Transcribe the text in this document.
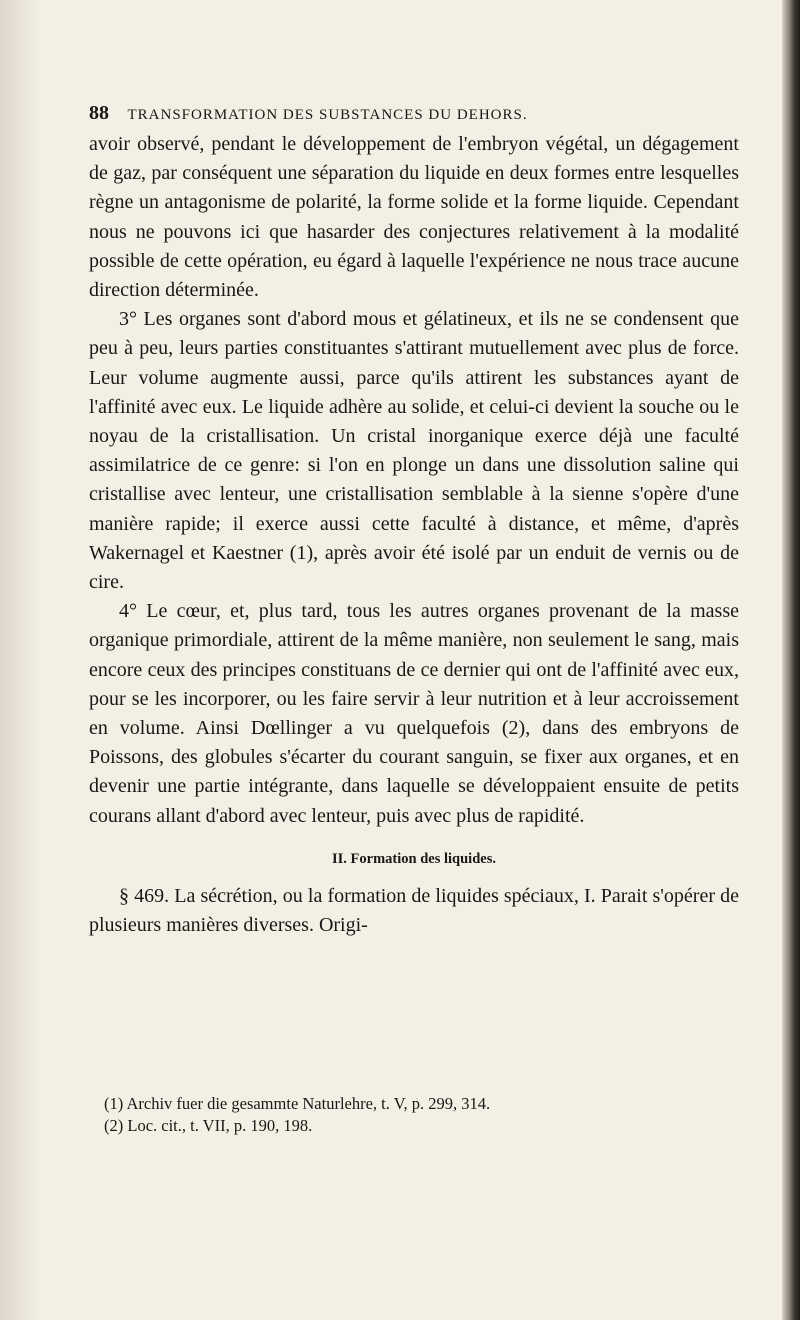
88 TRANSFORMATION DES SUBSTANCES DU DEHORS.

avoir observé, pendant le développement de l'embryon végétal, un dégagement de gaz, par conséquent une séparation du liquide en deux formes entre lesquelles règne un antagonisme de polarité, la forme solide et la forme liquide. Cependant nous ne pouvons ici que hasarder des conjectures relativement à la modalité possible de cette opération, eu égard à laquelle l'expérience ne nous trace aucune direction déterminée.

3° Les organes sont d'abord mous et gélatineux, et ils ne se condensent que peu à peu, leurs parties constituantes s'attirant mutuellement avec plus de force. Leur volume augmente aussi, parce qu'ils attirent les substances ayant de l'affinité avec eux. Le liquide adhère au solide, et celui-ci devient la souche ou le noyau de la cristallisation. Un cristal inorganique exerce déjà une faculté assimilatrice de ce genre: si l'on en plonge un dans une dissolution saline qui cristallise avec lenteur, une cristallisation semblable à la sienne s'opère d'une manière rapide; il exerce aussi cette faculté à distance, et même, d'après Wakernagel et Kaestner (1), après avoir été isolé par un enduit de vernis ou de cire.

4° Le cœur, et, plus tard, tous les autres organes provenant de la masse organique primordiale, attirent de la même manière, non seulement le sang, mais encore ceux des principes constituans de ce dernier qui ont de l'affinité avec eux, pour se les incorporer, ou les faire servir à leur nutrition et à leur accroissement en volume. Ainsi Dœllinger a vu quelquefois (2), dans des embryons de Poissons, des globules s'écarter du courant sanguin, se fixer aux organes, et en devenir une partie intégrante, dans laquelle se développaient ensuite de petits courans allant d'abord avec lenteur, puis avec plus de rapidité.

II. Formation des liquides.

§ 469. La sécrétion, ou la formation de liquides spéciaux, I. Parait s'opérer de plusieurs manières diverses. Origi-

(1) Archiv fuer die gesammte Naturlehre, t. V, p. 299, 314.

(2) Loc. cit., t. VII, p. 190, 198.
